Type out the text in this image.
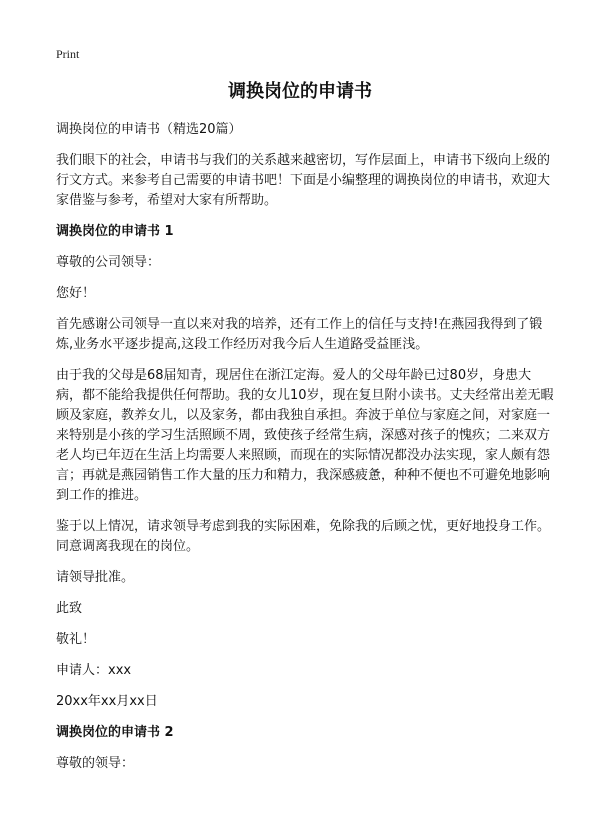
Print
调换岗位的申请书

调换岗位的申请书（精选20篇）

我们眼下的社会，申请书与我们的关系越来越密切，写作层面上，申请书下级向上级的行文方式。来参考自己需要的申请书吧！下面是小编整理的调换岗位的申请书，欢迎大家借鉴与参考，希望对大家有所帮助。

调换岗位的申请书 1

尊敬的公司领导：

您好！

首先感谢公司领导一直以来对我的培养，还有工作上的信任与支持!在燕园我得到了锻炼,业务水平逐步提高,这段工作经历对我今后人生道路受益匪浅。

由于我的父母是68届知青，现居住在浙江定海。爱人的父母年龄已过80岁，身患大病，都不能给我提供任何帮助。我的女儿10岁，现在复旦附小读书。丈夫经常出差无暇顾及家庭，教养女儿，以及家务，都由我独自承担。奔波于单位与家庭之间，对家庭一来特别是小孩的学习生活照顾不周，致使孩子经常生病，深感对孩子的愧疚；二来双方老人均已年迈在生活上均需要人来照顾，而现在的实际情况都没办法实现，家人颇有怨言；再就是燕园销售工作大量的压力和精力，我深感疲惫，种种不便也不可避免地影响到工作的推进。

鉴于以上情况，请求领导考虑到我的实际困难，免除我的后顾之忧，更好地投身工作。同意调离我现在的岗位。

请领导批准。

此致

敬礼！

申请人：xxx

20xx年xx月xx日

调换岗位的申请书 2

尊敬的领导：
